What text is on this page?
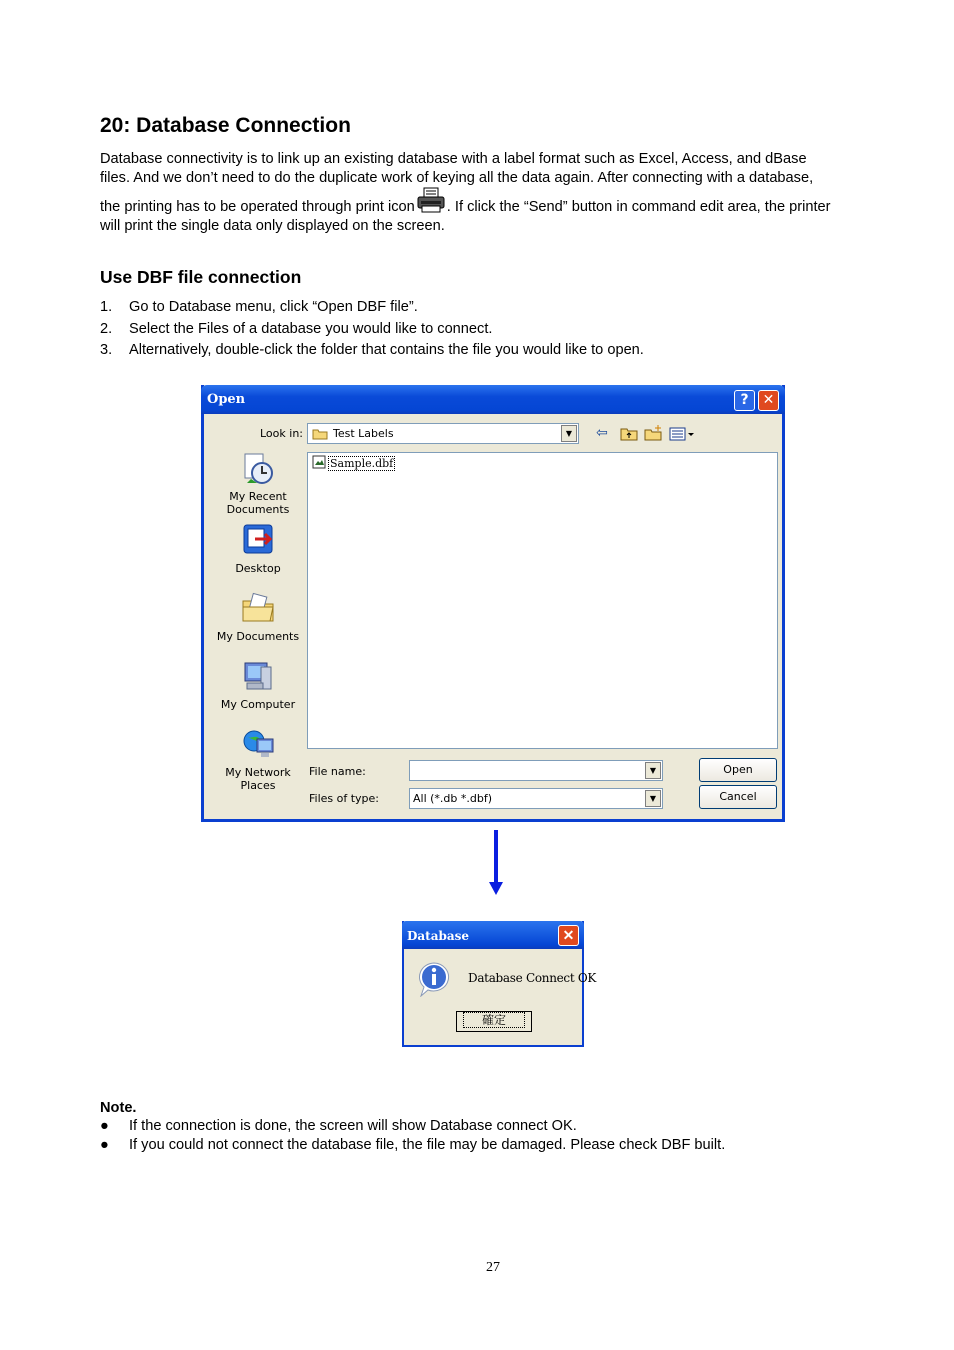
20: Database Connection

Database connectivity is to link up an existing database with a label format such as Excel, Access, and dBase
files. And we don’t need to do the duplicate work of keying all the data again. After connecting with a database,
the printing has to be operated through print icon . If click the “Send” button in command edit area, the printer
will print the single data only displayed on the screen.

Use DBF file connection
1. Go to Database menu, click “Open DBF file”.
2. Select the Files of a database you would like to connect.
3. Alternatively, double-click the folder that contains the file you would like to open.
Open	?	✕
Look in:	Test Labels	▼	⇦
My Recent
Documents
Desktop
My Documents
My Computer
My Network
Places
Sample.dbf
File name:	▼
Files of type:	All (*.db *.dbf)	▼
Open
Cancel
Database	✕
Database Connect OK
確定

Note.

● If the connection is done, the screen will show Database connect OK.
● If you could not connect the database file, the file may be damaged. Please check DBF built.
27
